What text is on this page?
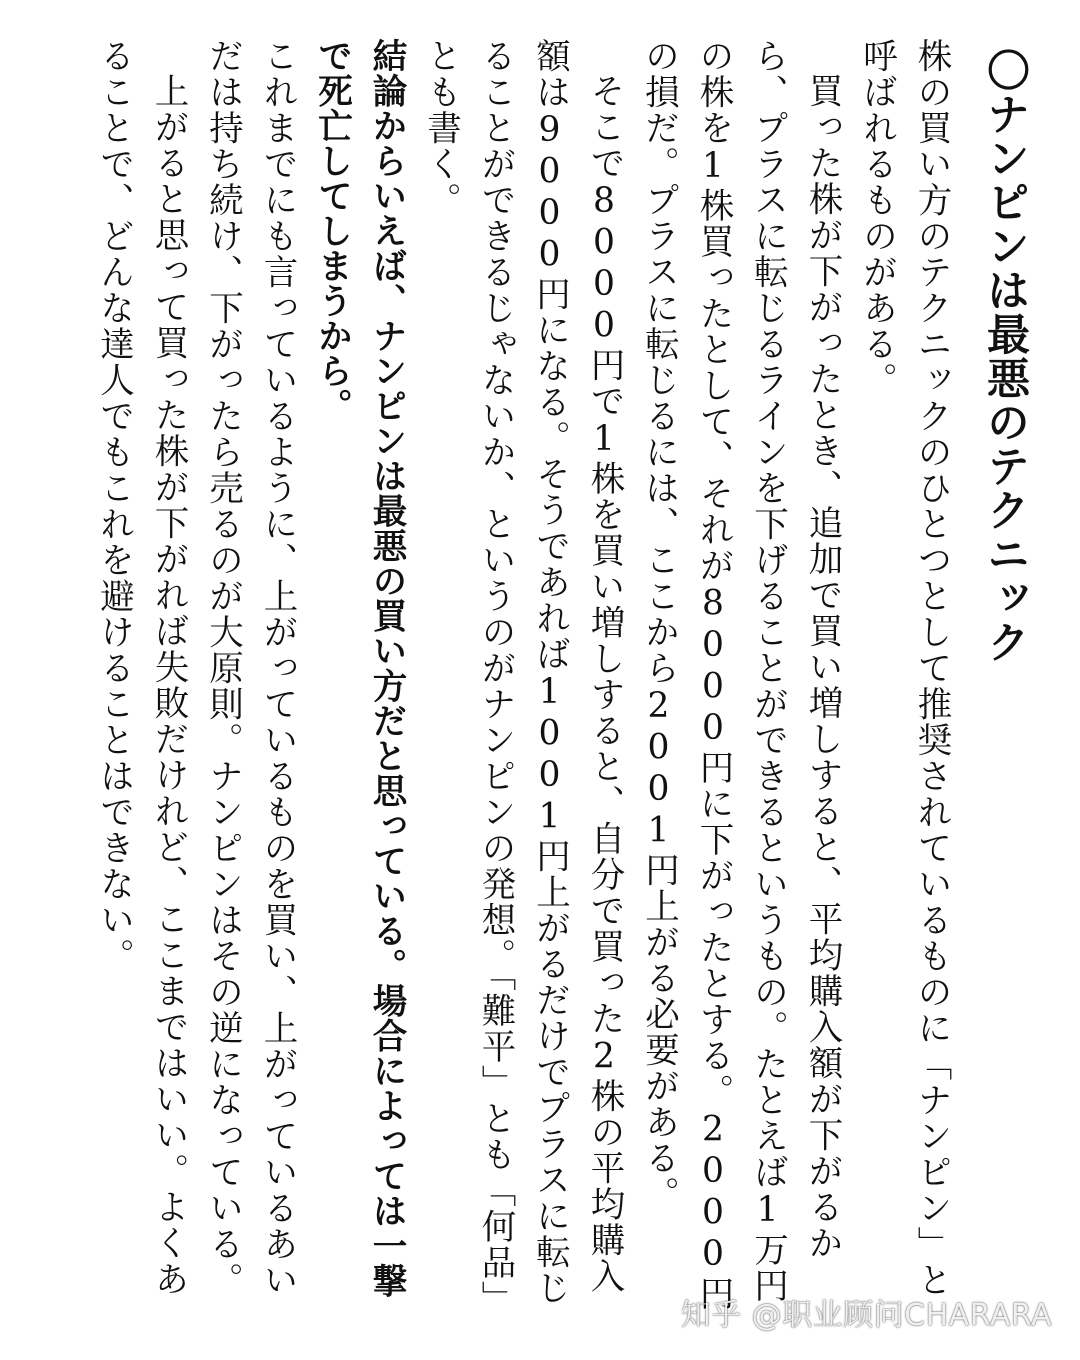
〇ナンピンは最悪のテクニック

株の買い方のテクニックのひとつとして推奨されているものに「ナンピン」と呼ばれるものがある。

買った株が下がったとき、追加で買い増しすると、平均購入額が下がるから、プラスに転じるラインを下げることができるというもの。たとえば1万円の株を1株買ったとして、それが8000円に下がったとする。2000円の損だ。プラスに転じるには、ここから2001円上がる必要がある。

そこで8000円で1株を買い増しすると、自分で買った2株の平均購入額は9000円になる。そうであれば1001円上がるだけでプラスに転じることができるじゃないか、というのがナンピンの発想。「難平」とも「何品」とも書く。

結論からいえば、ナンピンは最悪の買い方だと思っている。場合によっては一撃で死亡してしまうから。

これまでにも言っているように、上がっているものを買い、上がっているあいだは持ち続け、下がったら売るのが大原則。ナンピンはその逆になっている。

上がると思って買った株が下がれば失敗だけれど、ここまではいい。よくあることで、どんな達人でもこれを避けることはできない。

知乎 @职业顾问CHARARA
